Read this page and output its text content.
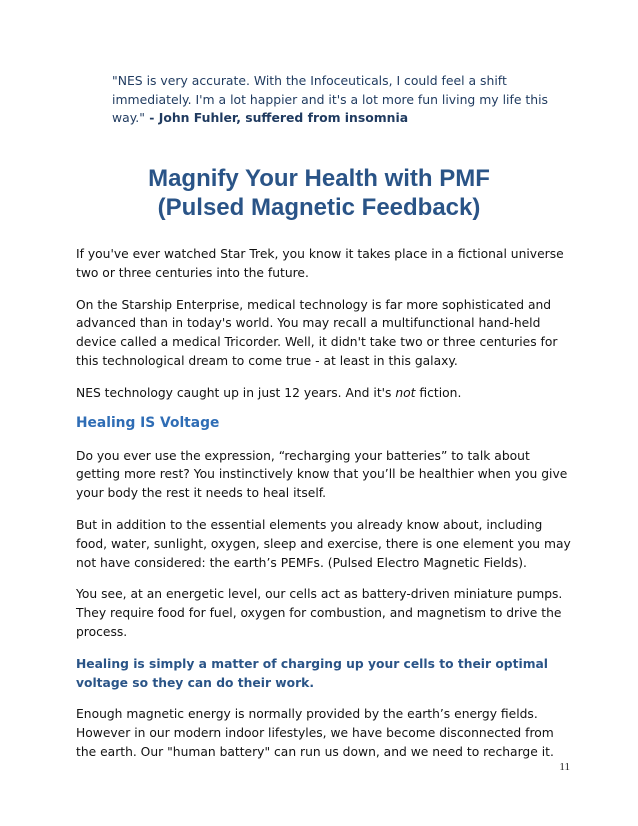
"NES is very accurate. With the Infoceuticals, I could feel a shift immediately. I'm a lot happier and it's a lot more fun living my life this way." - John Fuhler, suffered from insomnia
Magnify Your Health with PMF
(Pulsed Magnetic Feedback)

If you've ever watched Star Trek, you know it takes place in a fictional universe two or three centuries into the future.

On the Starship Enterprise, medical technology is far more sophisticated and advanced than in today's world. You may recall a multifunctional hand-held device called a medical Tricorder. Well, it didn't take two or three centuries for this technological dream to come true - at least in this galaxy.

NES technology caught up in just 12 years. And it's not fiction.

Healing IS Voltage

Do you ever use the expression, “recharging your batteries” to talk about getting more rest? You instinctively know that you’ll be healthier when you give your body the rest it needs to heal itself.

But in addition to the essential elements you already know about, including food, water, sunlight, oxygen, sleep and exercise, there is one element you may not have considered: the earth’s PEMFs. (Pulsed Electro Magnetic Fields).

You see, at an energetic level, our cells act as battery-driven miniature pumps. They require food for fuel, oxygen for combustion, and magnetism to drive the process.

Healing is simply a matter of charging up your cells to their optimal voltage so they can do their work.

Enough magnetic energy is normally provided by the earth’s energy fields. However in our modern indoor lifestyles, we have become disconnected from the earth. Our "human battery" can run us down, and we need to recharge it.

11
